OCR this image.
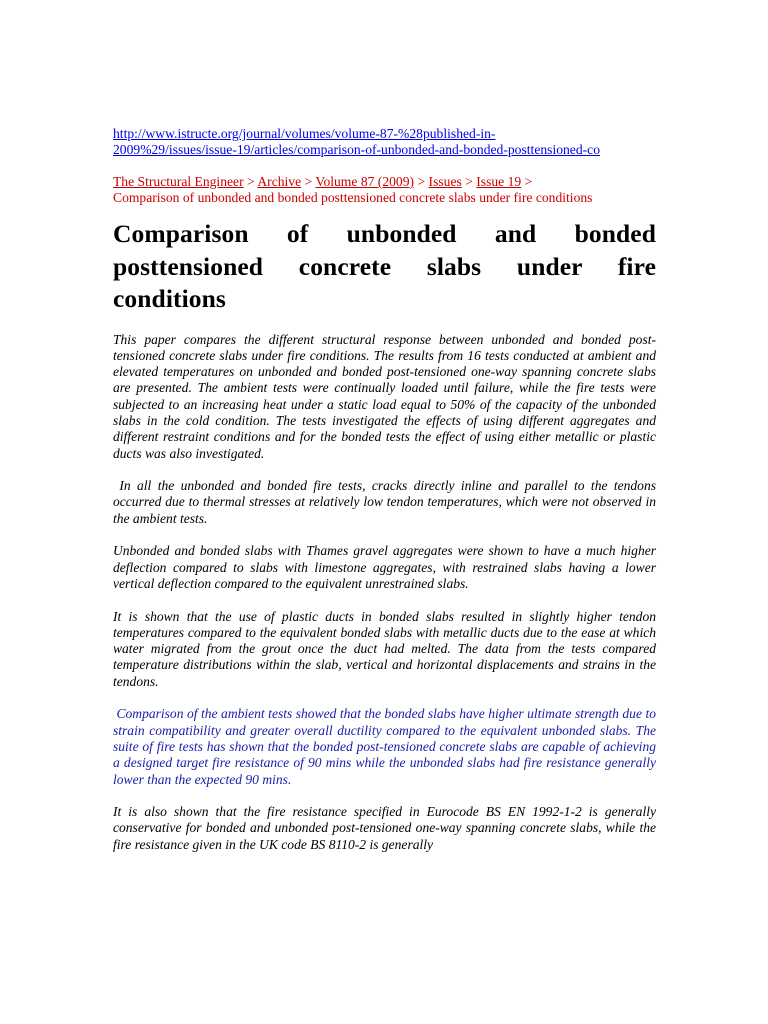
http://www.istructe.org/journal/volumes/volume-87-%28published-in-
2009%29/issues/issue-19/articles/comparison-of-unbonded-and-bonded-posttensioned-co
The Structural Engineer > Archive > Volume 87 (2009) > Issues > Issue 19 >
Comparison of unbonded and bonded posttensioned concrete slabs under fire conditions
Comparison of unbonded and bonded posttensioned concrete slabs under fire conditions

This paper compares the different structural response between unbonded and bonded post-tensioned concrete slabs under fire conditions. The results from 16 tests conducted at ambient and elevated temperatures on unbonded and bonded post-tensioned one-way spanning concrete slabs are presented. The ambient tests were continually loaded until failure, while the fire tests were subjected to an increasing heat under a static load equal to 50% of the capacity of the unbonded slabs in the cold condition. The tests investigated the effects of using different aggregates and different restraint conditions and for the bonded tests the effect of using either metallic or plastic ducts was also investigated.

In all the unbonded and bonded fire tests, cracks directly inline and parallel to the tendons occurred due to thermal stresses at relatively low tendon temperatures, which were not observed in the ambient tests.

Unbonded and bonded slabs with Thames gravel aggregates were shown to have a much higher deflection compared to slabs with limestone aggregates, with restrained slabs having a lower vertical deflection compared to the equivalent unrestrained slabs.

It is shown that the use of plastic ducts in bonded slabs resulted in slightly higher tendon temperatures compared to the equivalent bonded slabs with metallic ducts due to the ease at which water migrated from the grout once the duct had melted. The data from the tests compared temperature distributions within the slab, vertical and horizontal displacements and strains in the tendons.

Comparison of the ambient tests showed that the bonded slabs have higher ultimate strength due to strain compatibility and greater overall ductility compared to the equivalent unbonded slabs. The suite of fire tests has shown that the bonded post-tensioned concrete slabs are capable of achieving a designed target fire resistance of 90 mins while the unbonded slabs had fire resistance generally lower than the expected 90 mins.

It is also shown that the fire resistance specified in Eurocode BS EN 1992-1-2 is generally conservative for bonded and unbonded post-tensioned one-way spanning concrete slabs, while the fire resistance given in the UK code BS 8110-2 is generally
